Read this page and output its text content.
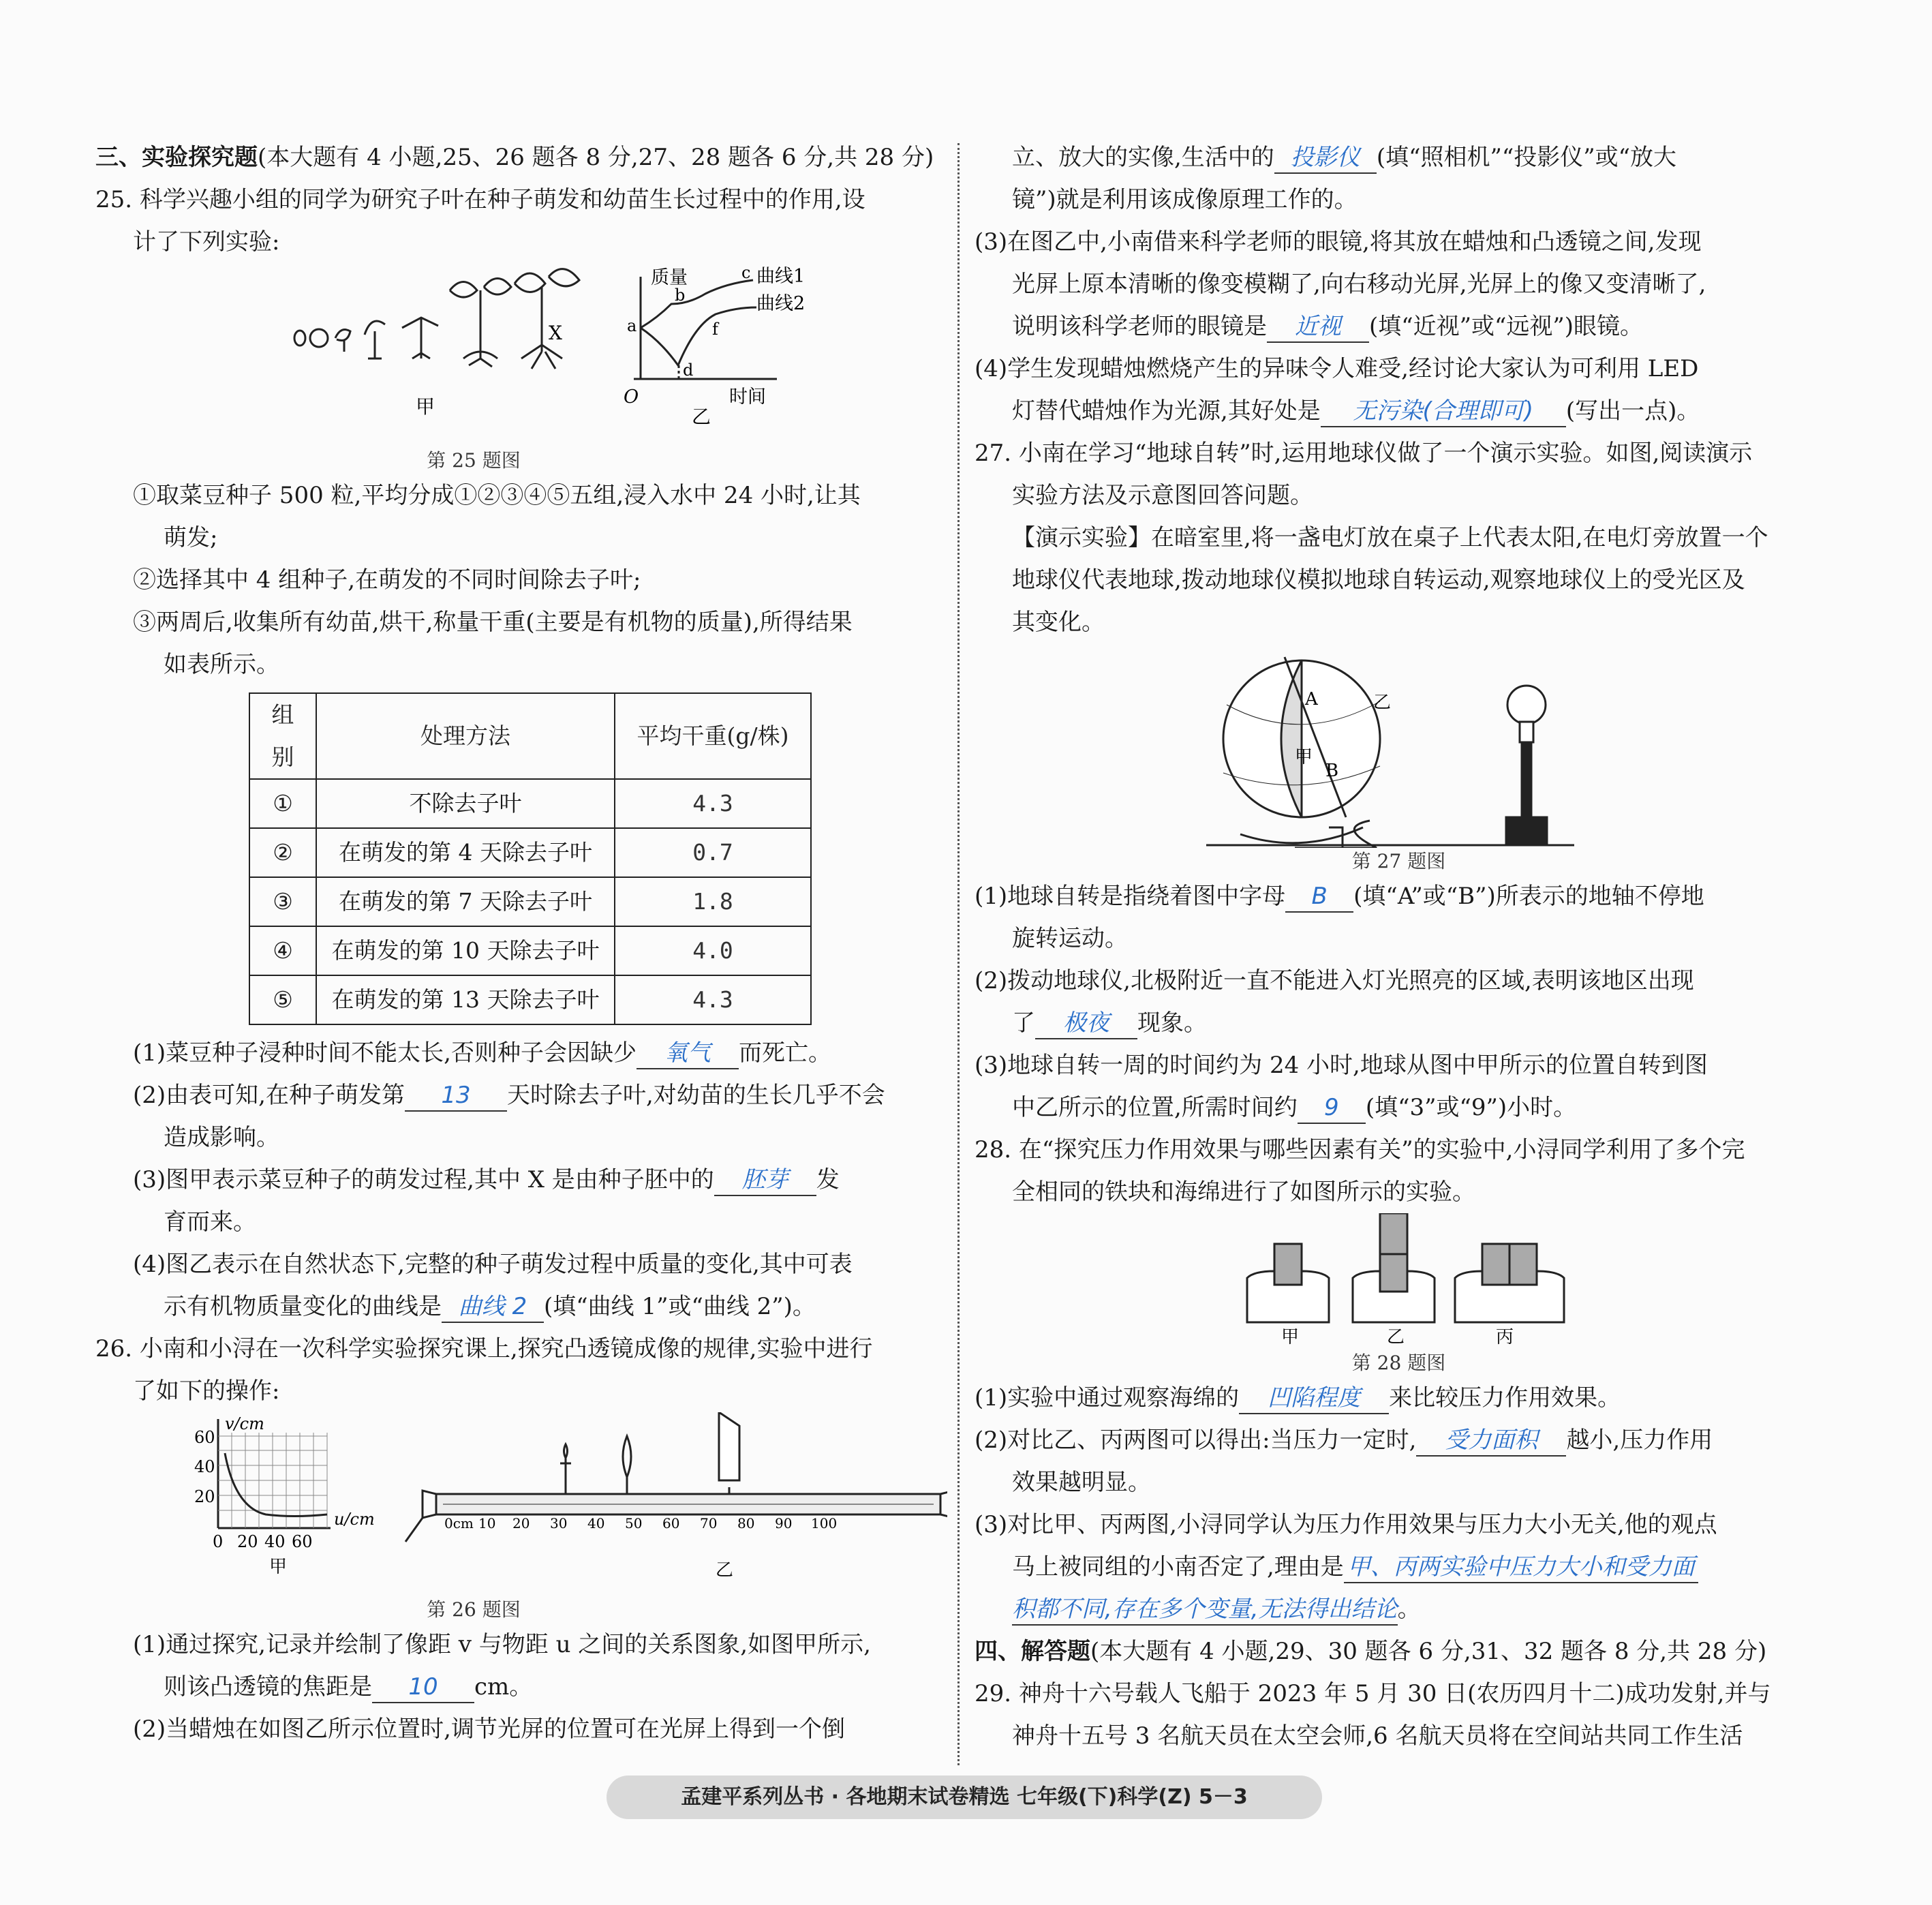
三、实验探究题(本大题有 4 小题,25、26 题各 8 分,27、28 题各 6 分,共 28 分)

25. 科学兴趣小组的同学为研究子叶在种子萌发和幼苗生长过程中的作用,设

计了下列实验:

X
甲
质量
时间
O
曲线1
曲线2
c
b
a	f
d
乙

第 25 题图

①取菜豆种子 500 粒,平均分成①②③④⑤五组,浸入水中 24 小时,让其

萌发;

②选择其中 4 组种子,在萌发的不同时间除去子叶;

③两周后,收集所有幼苗,烘干,称量干重(主要是有机物的质量),所得结果

如表所示。

组别	处理方法	平均干重(g/株)
①	不除去子叶	4.3
②	在萌发的第 4 天除去子叶	0.7
③	在萌发的第 7 天除去子叶	1.8
④	在萌发的第 10 天除去子叶	4.0
⑤	在萌发的第 13 天除去子叶	4.3

(1)菜豆种子浸种时间不能太长,否则种子会因缺少 氧气 而死亡。

(2)由表可知,在种子萌发第 13 天时除去子叶,对幼苗的生长几乎不会

造成影响。

(3)图甲表示菜豆种子的萌发过程,其中 X 是由种子胚中的 胚芽 发

育而来。

(4)图乙表示在自然状态下,完整的种子萌发过程中质量的变化,其中可表

示有机物质量变化的曲线是 曲线 2 (填“曲线 1”或“曲线 2”)。

26. 小南和小浔在一次科学实验探究课上,探究凸透镜成像的规律,实验中进行

了如下的操作:

v/cm
u/cm
60
40
20
0 20 40 60
甲
0cm 10 20 30 40 50 60 70 80 90 100
乙

第 26 题图

(1)通过探究,记录并绘制了像距 v 与物距 u 之间的关系图象,如图甲所示,

则该凸透镜的焦距是 10 cm。

(2)当蜡烛在如图乙所示位置时,调节光屏的位置可在光屏上得到一个倒

立、放大的实像,生活中的 投影仪 (填“照相机”“投影仪”或“放大

镜”)就是利用该成像原理工作的。

(3)在图乙中,小南借来科学老师的眼镜,将其放在蜡烛和凸透镜之间,发现

光屏上原本清晰的像变模糊了,向右移动光屏,光屏上的像又变清晰了,

说明该科学老师的眼镜是 近视 (填“近视”或“远视”)眼镜。

(4)学生发现蜡烛燃烧产生的异味令人难受,经讨论大家认为可利用 LED

灯替代蜡烛作为光源,其好处是 无污染(合理即可) (写出一点)。

27. 小南在学习“地球自转”时,运用地球仪做了一个演示实验。如图,阅读演示

实验方法及示意图回答问题。

【演示实验】在暗室里,将一盏电灯放在桌子上代表太阳,在电灯旁放置一个

地球仪代表地球,拨动地球仪模拟地球自转运动,观察地球仪上的受光区及

其变化。

A
B
甲
乙

第 27 题图

(1)地球自转是指绕着图中字母 B (填“A”或“B”)所表示的地轴不停地

旋转运动。

(2)拨动地球仪,北极附近一直不能进入灯光照亮的区域,表明该地区出现

了 极夜 现象。

(3)地球自转一周的时间约为 24 小时,地球从图中甲所示的位置自转到图

中乙所示的位置,所需时间约 9 (填“3”或“9”)小时。

28. 在“探究压力作用效果与哪些因素有关”的实验中,小浔同学利用了多个完

全相同的铁块和海绵进行了如图所示的实验。

甲	乙	丙

第 28 题图

(1)实验中通过观察海绵的 凹陷程度 来比较压力作用效果。

(2)对比乙、丙两图可以得出:当压力一定时, 受力面积 越小,压力作用

效果越明显。

(3)对比甲、丙两图,小浔同学认为压力作用效果与压力大小无关,他的观点

马上被同组的小南否定了,理由是 甲、丙两实验中压力大小和受力面

积都不同,存在多个变量,无法得出结论。

四、解答题(本大题有 4 小题,29、30 题各 6 分,31、32 题各 8 分,共 28 分)

29. 神舟十六号载人飞船于 2023 年 5 月 30 日(农历四月十二)成功发射,并与

神舟十五号 3 名航天员在太空会师,6 名航天员将在空间站共同工作生活

孟建平系列丛书 · 各地期末试卷精选 七年级(下)科学(Z) 5－3
